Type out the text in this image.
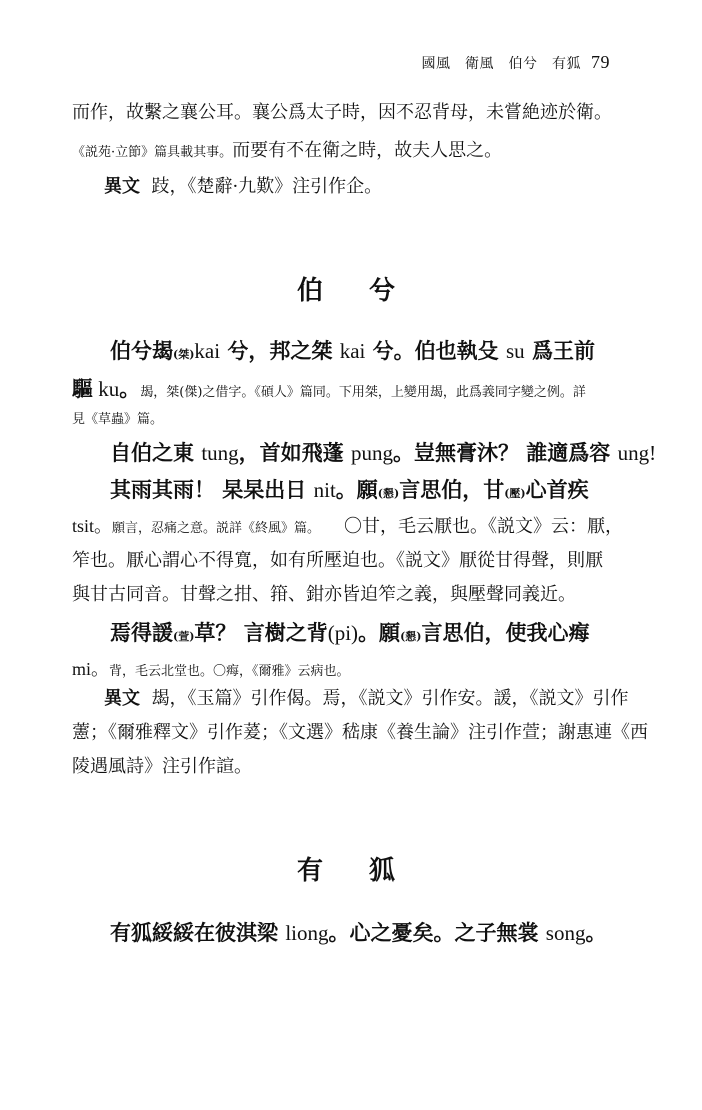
國風　衛風　伯兮　有狐 79
而作，故繫之襄公耳。襄公爲太子時，因不忍背母，未嘗絶迹於衛。
《説苑·立節》篇具載其事。而要有不在衛之時，故夫人思之。
異文 跂，《楚辭·九歎》注引作企。
伯　兮
伯兮朅(桀)kai 兮，邦之桀 kai 兮。伯也執殳 su 爲王前
驅 ku。朅，桀(傑)之借字。《碩人》篇同。下用桀，上變用朅，此爲義同字變之例。詳
見《草蟲》篇。
自伯之東 tung，首如飛蓬 pung。豈無膏沐？ 誰適爲容 ung!
其雨其雨！ 杲杲出日 nit。願(懇)言思伯，甘(壓)心首疾
tsit。願言，忍痛之意。説詳《終風》篇。 〇甘，毛云厭也。《説文》云：厭，
笮也。厭心謂心不得寬，如有所壓迫也。《説文》厭從甘得聲，則厭
與甘古同音。甘聲之拑、箝、鉗亦皆迫笮之義，與壓聲同義近。
焉得諼(萱)草？ 言樹之背(pi)。願(懇)言思伯，使我心痗
mi。背，毛云北堂也。〇痗，《爾雅》云病也。
異文 朅，《玉篇》引作偈。焉，《説文》引作安。諼，《説文》引作
藼；《爾雅釋文》引作萲；《文選》嵇康《養生論》注引作萱；謝惠連《西
陵遇風詩》注引作諠。
有　狐
有狐綏綏在彼淇梁 liong。心之憂矣。之子無裳 song。
